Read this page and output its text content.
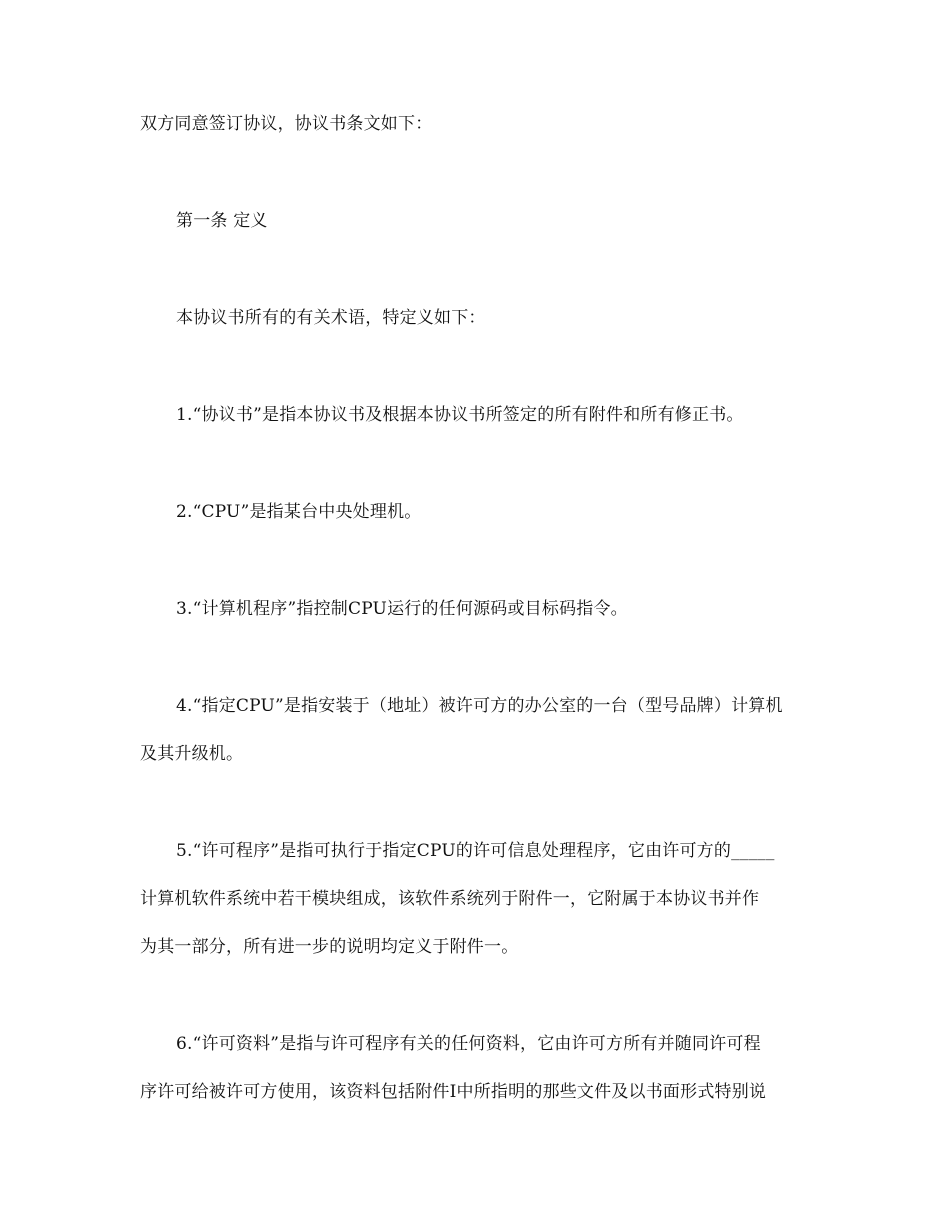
双方同意签订协议，协议书条文如下：
第一条 定义
本协议书所有的有关术语，特定义如下：
1.“协议书”是指本协议书及根据本协议书所签定的所有附件和所有修正书。
2.“CPU”是指某台中央处理机。
3.“计算机程序”指控制CPU运行的任何源码或目标码指令。
4.“指定CPU”是指安装于（地址）被许可方的办公室的一台（型号品牌）计算机
及其升级机。
5.“许可程序”是指可执行于指定CPU的许可信息处理程序，它由许可方的_____
计算机软件系统中若干模块组成，该软件系统列于附件一，它附属于本协议书并作
为其一部分，所有进一步的说明均定义于附件一。
6.“许可资料”是指与许可程序有关的任何资料，它由许可方所有并随同许可程
序许可给被许可方使用，该资料包括附件I中所指明的那些文件及以书面形式特别说
